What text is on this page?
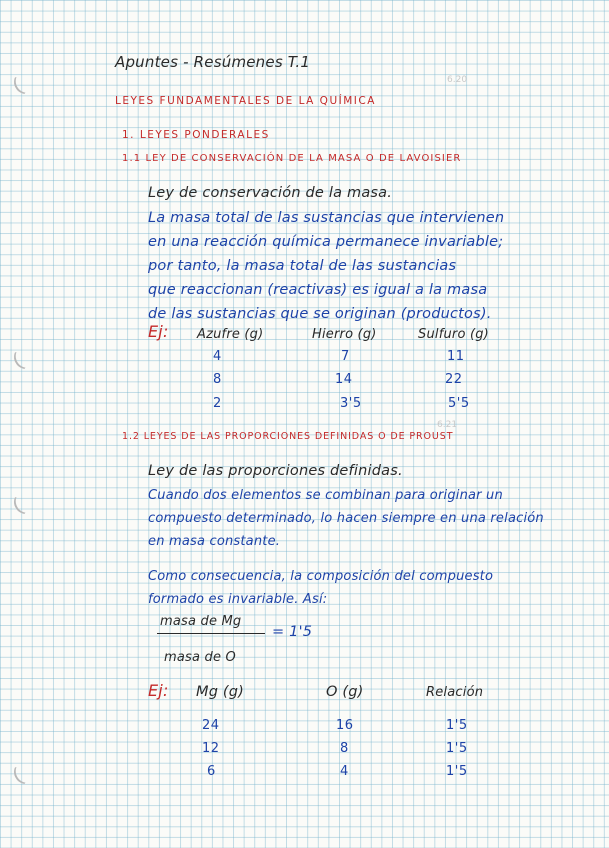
Apuntes - Resúmenes T.1
6.20
LEYES FUNDAMENTALES DE LA QUÍMICA
1. LEYES PONDERALES
1.1 LEY DE CONSERVACIÓN DE LA MASA O DE LAVOISIER
Ley de conservación de la masa.
La masa total de las sustancias que intervienen
en una reacción química permanece invariable;
por tanto, la masa total de las sustancias
que reaccionan (reactivas) es igual a la masa
de las sustancias que se originan (productos).
Ej: Azufre (g)	Hierro (g)	Sulfuro (g)
4	7	11
8	14	22
2	3'5	5'5
6.21
1.2 LEYES DE LAS PROPORCIONES DEFINIDAS O DE PROUST
Ley de las proporciones definidas.
Cuando dos elementos se combinan para originar un
compuesto determinado, lo hacen siempre en una relación
en masa constante.
Como consecuencia, la composición del compuesto
formado es invariable. Así:
masa de Mg
= 1'5
masa de O
Ej: Mg (g)	O (g)	Relación
24	16	1'5
12	8	1'5
6	4	1'5
